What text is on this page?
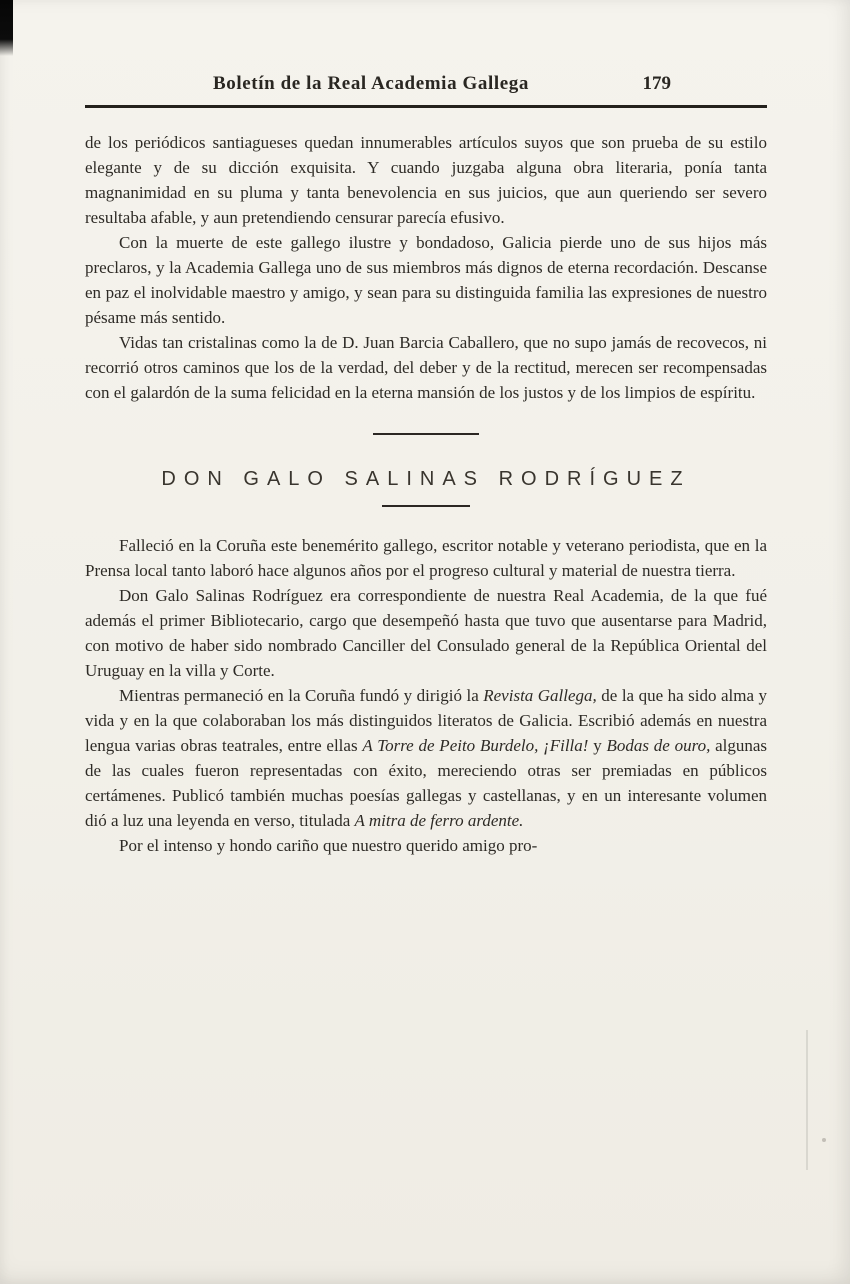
Boletín de la Real Academia Gallega	179

de los periódicos santiagueses quedan innumerables artículos suyos que son prueba de su estilo elegante y de su dicción exquisita. Y cuando juzgaba alguna obra literaria, ponía tanta magnanimidad en su pluma y tanta benevolencia en sus juicios, que aun queriendo ser severo resultaba afable, y aun pretendiendo censurar parecía efusivo.

Con la muerte de este gallego ilustre y bondadoso, Galicia pierde uno de sus hijos más preclaros, y la Academia Gallega uno de sus miembros más dignos de eterna recordación. Descanse en paz el inolvidable maestro y amigo, y sean para su distinguida familia las expresiones de nuestro pésame más sentido.

Vidas tan cristalinas como la de D. Juan Barcia Caballero, que no supo jamás de recovecos, ni recorrió otros caminos que los de la verdad, del deber y de la rectitud, merecen ser recompensadas con el galardón de la suma felicidad en la eterna mansión de los justos y de los limpios de espíritu.

DON GALO SALINAS RODRÍGUEZ

Falleció en la Coruña este benemérito gallego, escritor notable y veterano periodista, que en la Prensa local tanto laboró hace algunos años por el progreso cultural y material de nuestra tierra.

Don Galo Salinas Rodríguez era correspondiente de nuestra Real Academia, de la que fué además el primer Bibliotecario, cargo que desempeñó hasta que tuvo que ausentarse para Madrid, con motivo de haber sido nombrado Canciller del Consulado general de la República Oriental del Uruguay en la villa y Corte.

Mientras permaneció en la Coruña fundó y dirigió la Revista Gallega, de la que ha sido alma y vida y en la que colaboraban los más distinguidos literatos de Galicia. Escribió además en nuestra lengua varias obras teatrales, entre ellas A Torre de Peito Burdelo, ¡Filla! y Bodas de ouro, algunas de las cuales fueron representadas con éxito, mereciendo otras ser premiadas en públicos certámenes. Publicó también muchas poesías gallegas y castellanas, y en un interesante volumen dió a luz una leyenda en verso, titulada A mitra de ferro ardente.

Por el intenso y hondo cariño que nuestro querido amigo pro-
